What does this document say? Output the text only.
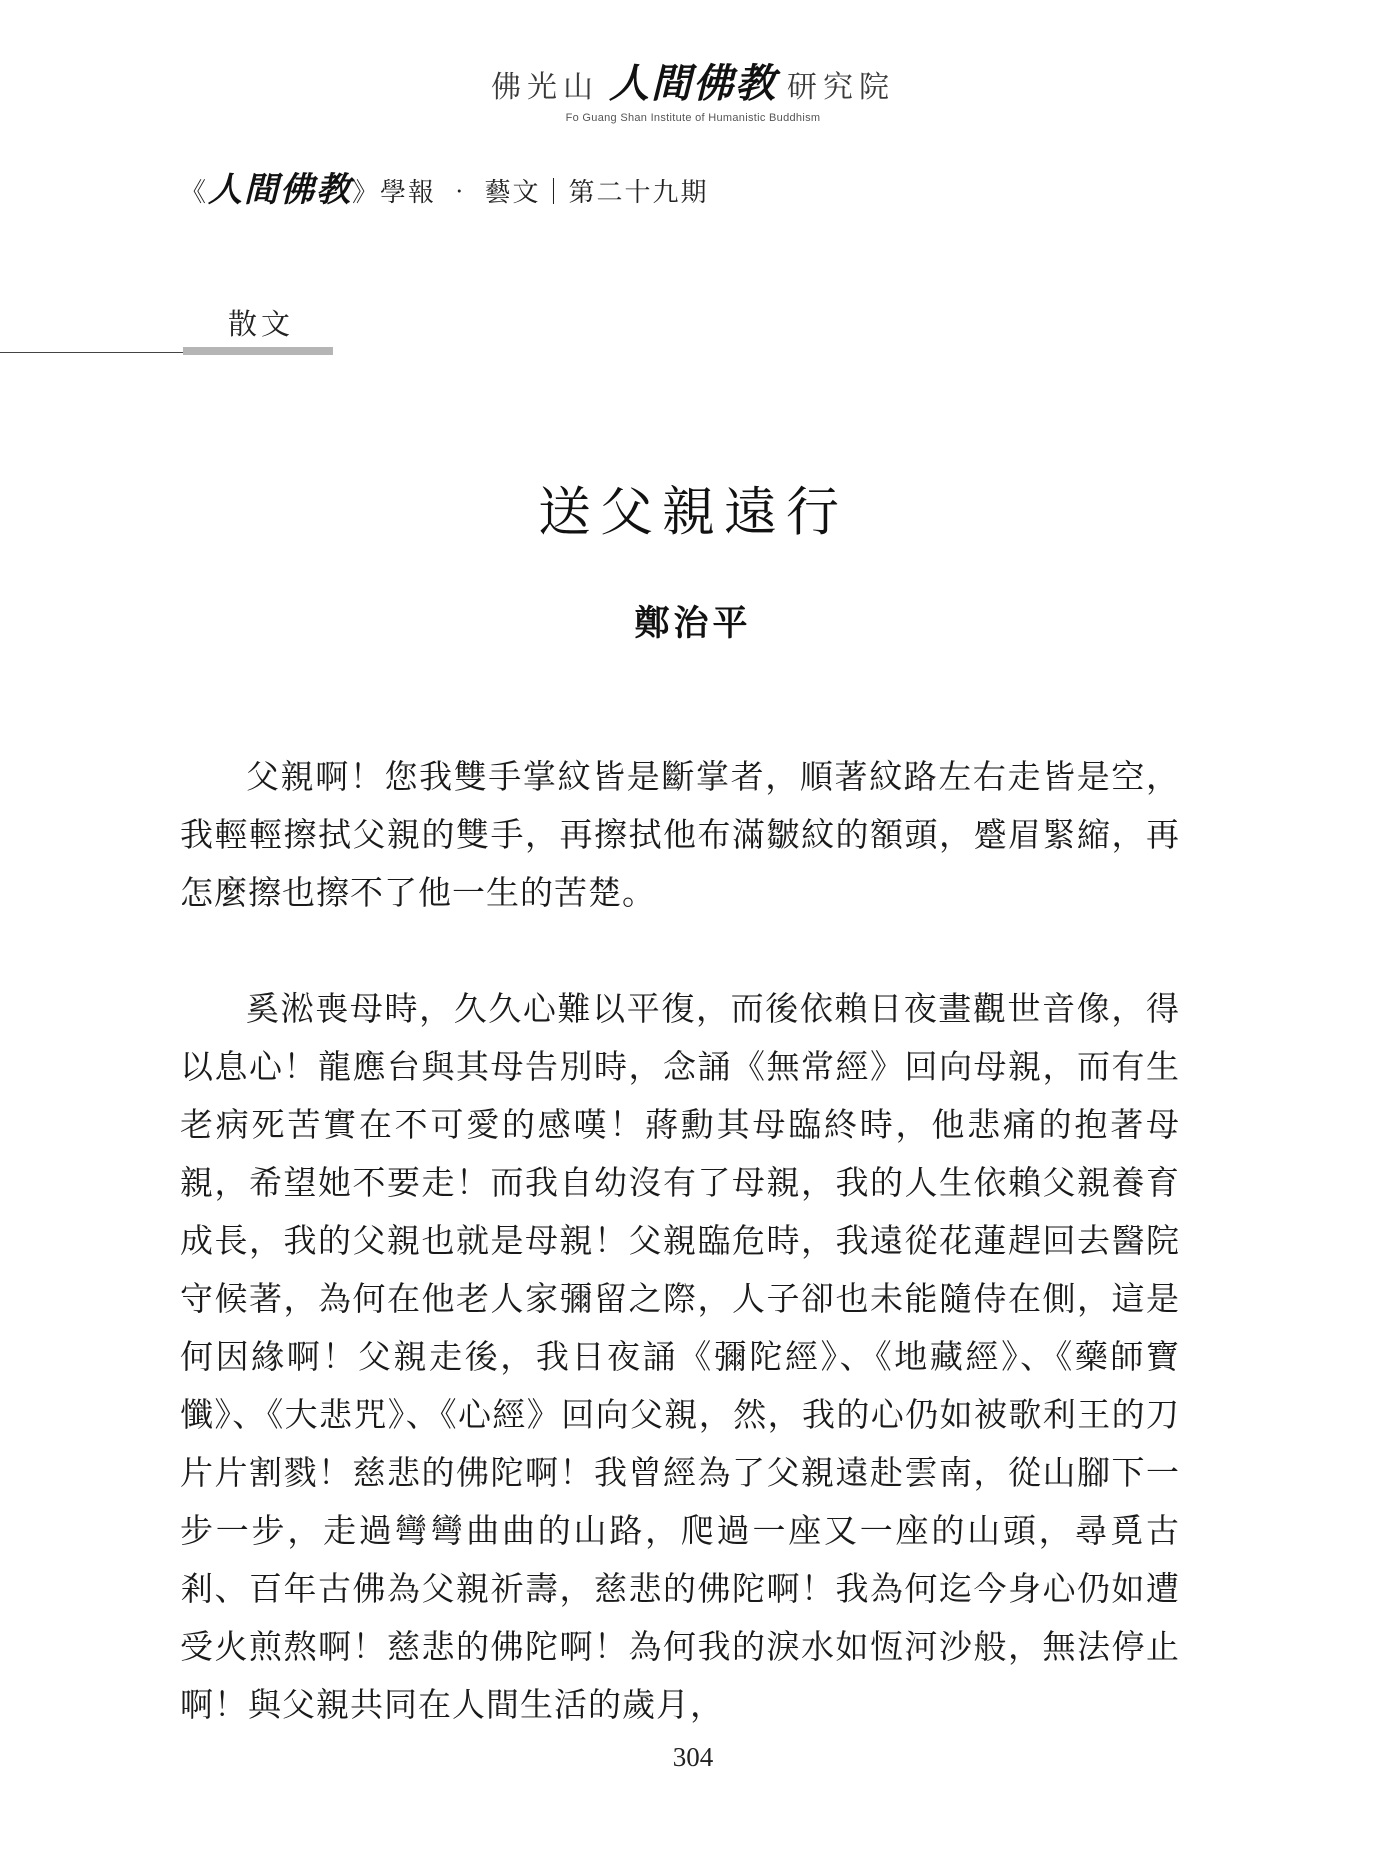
佛光山 人間佛教 研究院
Fo Guang Shan Institute of Humanistic Buddhism
《人間佛教》學報 ‧ 藝文｜第二十九期
散文
送父親遠行
鄭治平

父親啊！您我雙手掌紋皆是斷掌者，順著紋路左右走皆是空，我輕輕擦拭父親的雙手，再擦拭他布滿皺紋的額頭，蹙眉緊縮，再怎麼擦也擦不了他一生的苦楚。

奚淞喪母時，久久心難以平復，而後依賴日夜畫觀世音像，得以息心！龍應台與其母告別時，念誦《無常經》回向母親，而有生老病死苦實在不可愛的感嘆！蔣勳其母臨終時，他悲痛的抱著母親，希望她不要走！而我自幼沒有了母親，我的人生依賴父親養育成長，我的父親也就是母親！父親臨危時，我遠從花蓮趕回去醫院守候著，為何在他老人家彌留之際，人子卻也未能隨侍在側，這是何因緣啊！父親走後，我日夜誦《彌陀經》、《地藏經》、《藥師寶懺》、《大悲咒》、《心經》回向父親，然，我的心仍如被歌利王的刀片片割戮！慈悲的佛陀啊！我曾經為了父親遠赴雲南，從山腳下一步一步，走過彎彎曲曲的山路，爬過一座又一座的山頭，尋覓古剎、百年古佛為父親祈壽，慈悲的佛陀啊！我為何迄今身心仍如遭受火煎熬啊！慈悲的佛陀啊！為何我的淚水如恆河沙般，無法停止啊！與父親共同在人間生活的歲月，

304
